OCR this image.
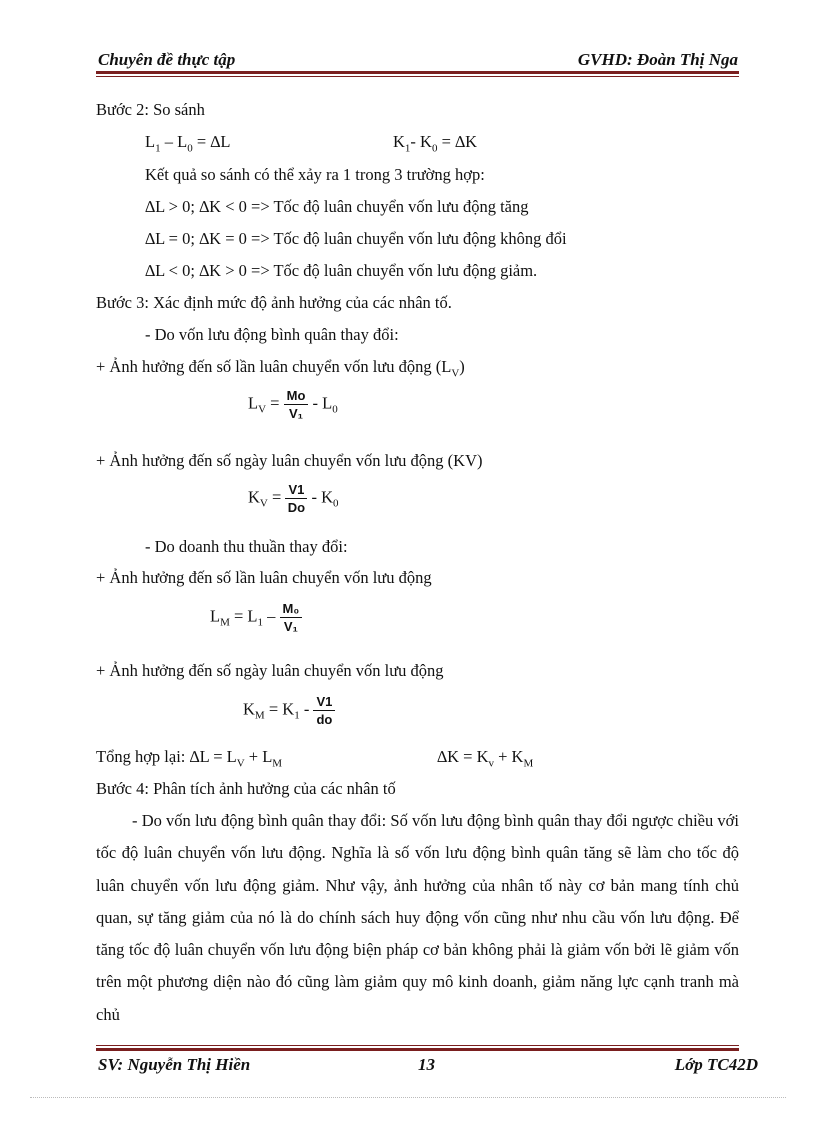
Chuyên đề thực tập	GVHD: Đoàn Thị Nga
Bước 2: So sánh
$L_1 - L_0 = \Delta L$	$K_1-$ $K_0 = \Delta K$
Kết quả so sánh có thể xảy ra 1 trong 3 trường hợp:
∆L > 0; ∆K < 0 => Tốc độ luân chuyển vốn lưu động tăng
∆L = 0; ∆K = 0 => Tốc độ luân chuyển vốn lưu động không đổi
∆L < 0; ∆K > 0 => Tốc độ luân chuyển vốn lưu động giảm.
Bước 3: Xác định mức độ ảnh hưởng của các nhân tố.
- Do vốn lưu động bình quân thay đổi:
+ Ảnh hưởng đến số lần luân chuyển vốn lưu động $(L_V)$
$L_V = \frac{Mo}{\text{V₁}} - L_0$
+ Ảnh hưởng đến số ngày luân chuyển vốn lưu động (KV)
$K_V = \frac{V1}{Do} - K_0$
- Do doanh thu thuần thay đổi:
+ Ảnh hưởng đến số lần luân chuyển vốn lưu động
$L_M = L_1 - \frac{\text{M₀}}{\text{V₁}}$
+ Ảnh hưởng đến số ngày luân chuyển vốn lưu động
$K_M = K_1 - \frac{V1}{do}$
Tổng hợp lại: $\Delta L = L_V + L_M$	$\Delta K = K_v + K_M$
Bước 4: Phân tích ảnh hưởng của các nhân tố
- Do vốn lưu động bình quân thay đổi: Số vốn lưu động bình quân thay đổi ngược chiều với tốc độ luân chuyển vốn lưu động. Nghĩa là số vốn lưu động bình quân tăng sẽ làm cho tốc độ luân chuyển vốn lưu động giảm. Như vậy, ảnh hưởng của nhân tố này cơ bản mang tính chủ quan, sự tăng giảm của nó là do chính sách huy động vốn cũng như nhu cầu vốn lưu động. Để tăng tốc độ luân chuyển vốn lưu động biện pháp cơ bản không phải là giảm vốn bởi lẽ giảm vốn trên một phương diện nào đó cũng làm giảm quy mô kinh doanh, giảm năng lực cạnh tranh mà chủ
SV: Nguyễn Thị Hiền	13	Lớp TC42D
